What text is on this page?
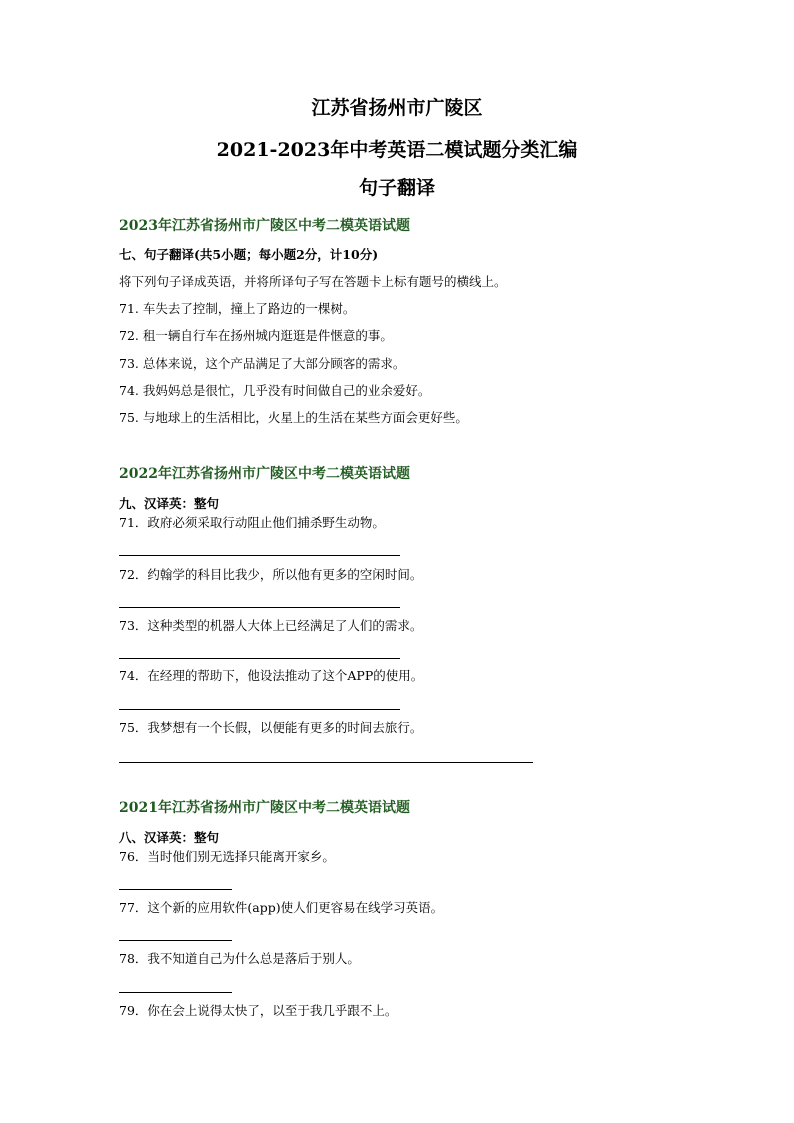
江苏省扬州市广陵区
2021-2023年中考英语二模试题分类汇编
句子翻译
2023年江苏省扬州市广陵区中考二模英语试题
七、句子翻译(共5小题；每小题2分，计10分)
将下列句子译成英语，并将所译句子写在答题卡上标有题号的横线上。
71. 车失去了控制，撞上了路边的一棵树。
72. 租一辆自行车在扬州城内逛逛是件惬意的事。
73. 总体来说，这个产品满足了大部分顾客的需求。
74. 我妈妈总是很忙，几乎没有时间做自己的业余爱好。
75. 与地球上的生活相比，火星上的生活在某些方面会更好些。
2022年江苏省扬州市广陵区中考二模英语试题
九、汉译英：整句
71．政府必须采取行动阻止他们捕杀野生动物。
72．约翰学的科目比我少，所以他有更多的空闲时间。
73．这种类型的机器人大体上已经满足了人们的需求。
74．在经理的帮助下，他设法推动了这个APP的使用。
75．我梦想有一个长假，以便能有更多的时间去旅行。
2021年江苏省扬州市广陵区中考二模英语试题
八、汉译英：整句
76．当时他们别无选择只能离开家乡。
77．这个新的应用软件(app)使人们更容易在线学习英语。
78．我不知道自己为什么总是落后于别人。
79．你在会上说得太快了，以至于我几乎跟不上。
